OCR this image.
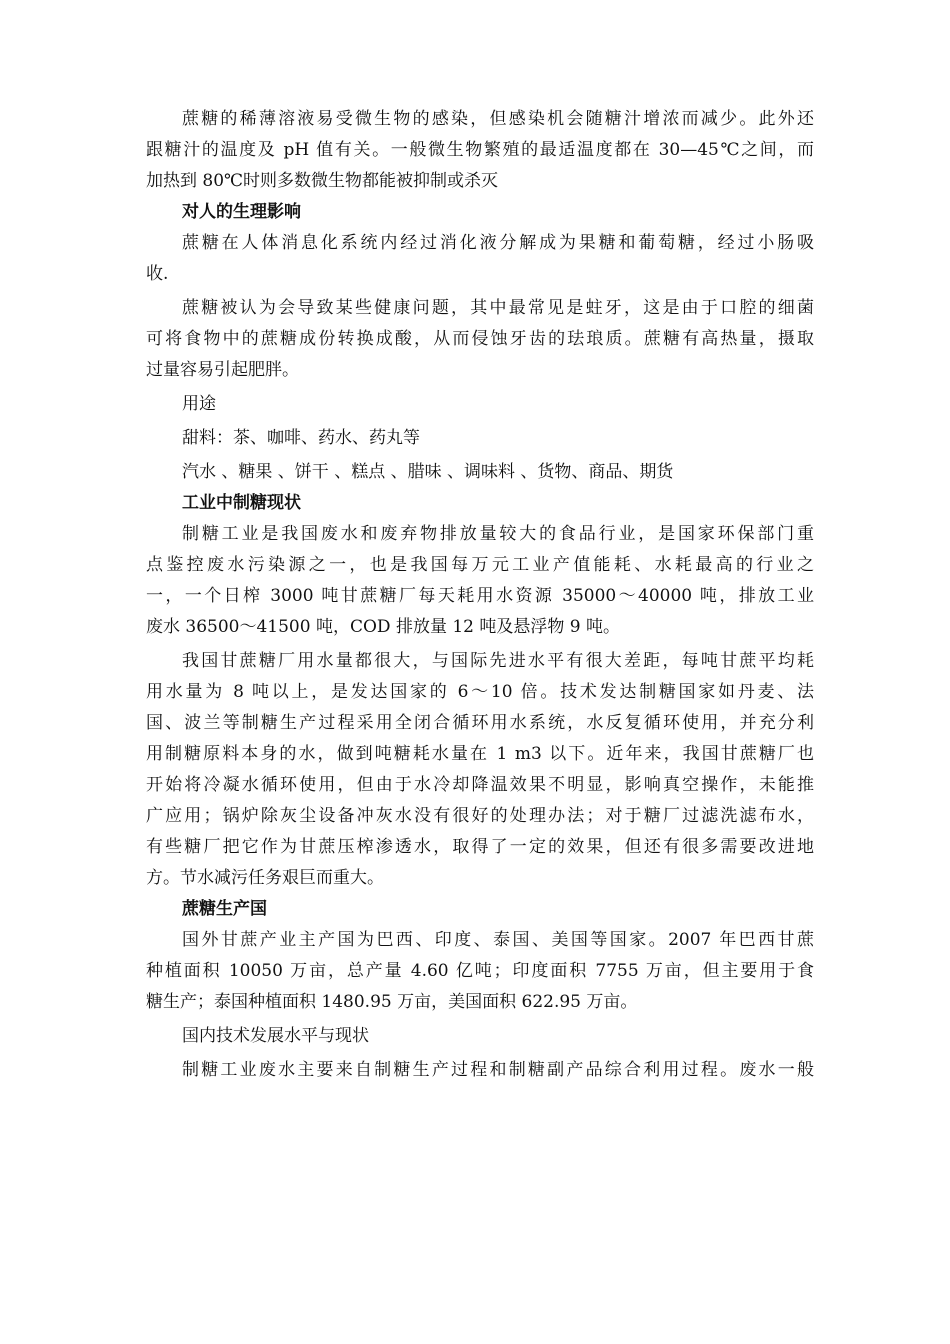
蔗糖的稀薄溶液易受微生物的感染，但感染机会随糖汁增浓而减少。此外还
跟糖汁的温度及 pH 值有关。一般微生物繁殖的最适温度都在 30—45℃之间，而
加热到 80℃时则多数微生物都能被抑制或杀灭
对人的生理影响
蔗糖在人体消息化系统内经过消化液分解成为果糖和葡萄糖，经过小肠吸
收.
蔗糖被认为会导致某些健康问题，其中最常见是蛀牙，这是由于口腔的细菌
可将食物中的蔗糖成份转换成酸，从而侵蚀牙齿的珐琅质。蔗糖有高热量，摄取
过量容易引起肥胖。
用途
甜料：茶、咖啡、药水、药丸等
汽水 、糖果 、饼干 、糕点 、腊味 、调味料 、货物、商品、期货
工业中制糖现状
制糖工业是我国废水和废弃物排放量较大的食品行业，是国家环保部门重
点鉴控废水污染源之一，也是我国每万元工业产值能耗、水耗最高的行业之
一，一个日榨 3000 吨甘蔗糖厂每天耗用水资源 35000～40000 吨，排放工业
废水 36500～41500 吨，COD 排放量 12 吨及悬浮物 9 吨。
我国甘蔗糖厂用水量都很大，与国际先进水平有很大差距，每吨甘蔗平均耗
用水量为 8 吨以上，是发达国家的 6～10 倍。技术发达制糖国家如丹麦、法
国、波兰等制糖生产过程采用全闭合循环用水系统，水反复循环使用，并充分利
用制糖原料本身的水，做到吨糖耗水量在 1 m3 以下。近年来，我国甘蔗糖厂也
开始将冷凝水循环使用，但由于水冷却降温效果不明显，影响真空操作，未能推
广应用；锅炉除灰尘设备冲灰水没有很好的处理办法；对于糖厂过滤洗滤布水，
有些糖厂把它作为甘蔗压榨渗透水，取得了一定的效果，但还有很多需要改进地
方。节水减污任务艰巨而重大。
蔗糖生产国
国外甘蔗产业主产国为巴西、印度、泰国、美国等国家。2007 年巴西甘蔗
种植面积 10050 万亩，总产量 4.60 亿吨；印度面积 7755 万亩，但主要用于食
糖生产；泰国种植面积 1480.95 万亩，美国面积 622.95 万亩。
国内技术发展水平与现状
制糖工业废水主要来自制糖生产过程和制糖副产品综合利用过程。废水一般
